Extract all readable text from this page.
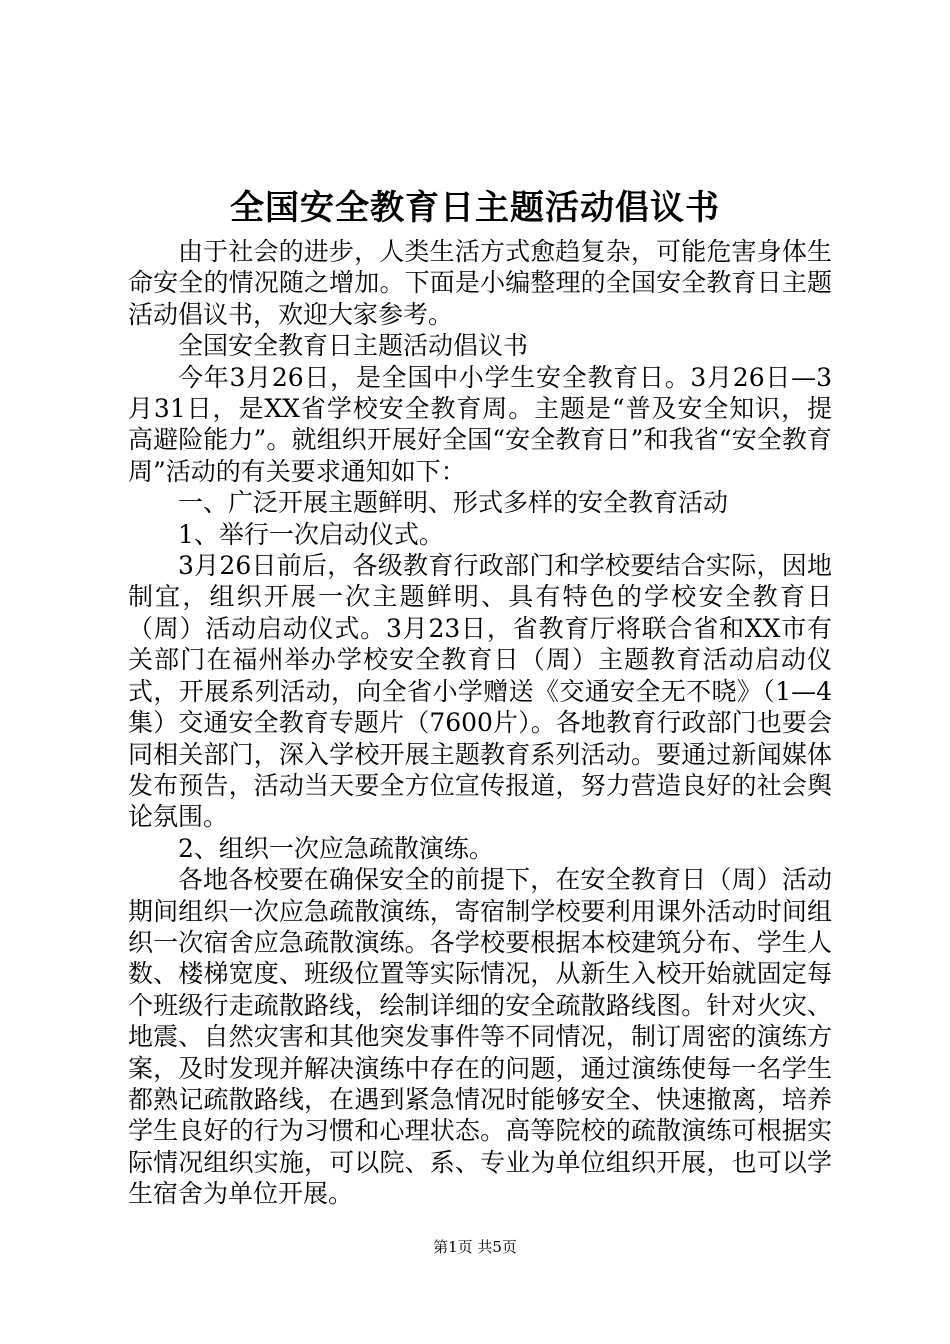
全国安全教育日主题活动倡议书

由于社会的进步，人类生活方式愈趋复杂，可能危害身体生命安全的情况随之增加。下面是小编整理的全国安全教育日主题活动倡议书，欢迎大家参考。

全国安全教育日主题活动倡议书

今年3月26日，是全国中小学生安全教育日。3月26日—3月31日，是XX省学校安全教育周。主题是“普及安全知识，提高避险能力”。就组织开展好全国“安全教育日”和我省“安全教育周”活动的有关要求通知如下：

一、广泛开展主题鲜明、形式多样的安全教育活动

1、举行一次启动仪式。

3月26日前后，各级教育行政部门和学校要结合实际，因地制宜，组织开展一次主题鲜明、具有特色的学校安全教育日（周）活动启动仪式。3月23日，省教育厅将联合省和XX市有关部门在福州举办学校安全教育日（周）主题教育活动启动仪式，开展系列活动，向全省小学赠送《交通安全无不晓》（1—4集）交通安全教育专题片（7600片）。各地教育行政部门也要会同相关部门，深入学校开展主题教育系列活动。要通过新闻媒体发布预告，活动当天要全方位宣传报道，努力营造良好的社会舆论氛围。

2、组织一次应急疏散演练。

各地各校要在确保安全的前提下，在安全教育日（周）活动期间组织一次应急疏散演练，寄宿制学校要利用课外活动时间组织一次宿舍应急疏散演练。各学校要根据本校建筑分布、学生人数、楼梯宽度、班级位置等实际情况，从新生入校开始就固定每个班级行走疏散路线，绘制详细的安全疏散路线图。针对火灾、地震、自然灾害和其他突发事件等不同情况，制订周密的演练方案，及时发现并解决演练中存在的问题，通过演练使每一名学生都熟记疏散路线，在遇到紧急情况时能够安全、快速撤离，培养学生良好的行为习惯和心理状态。高等院校的疏散演练可根据实际情况组织实施，可以院、系、专业为单位组织开展，也可以学生宿舍为单位开展。

第1页 共5页
